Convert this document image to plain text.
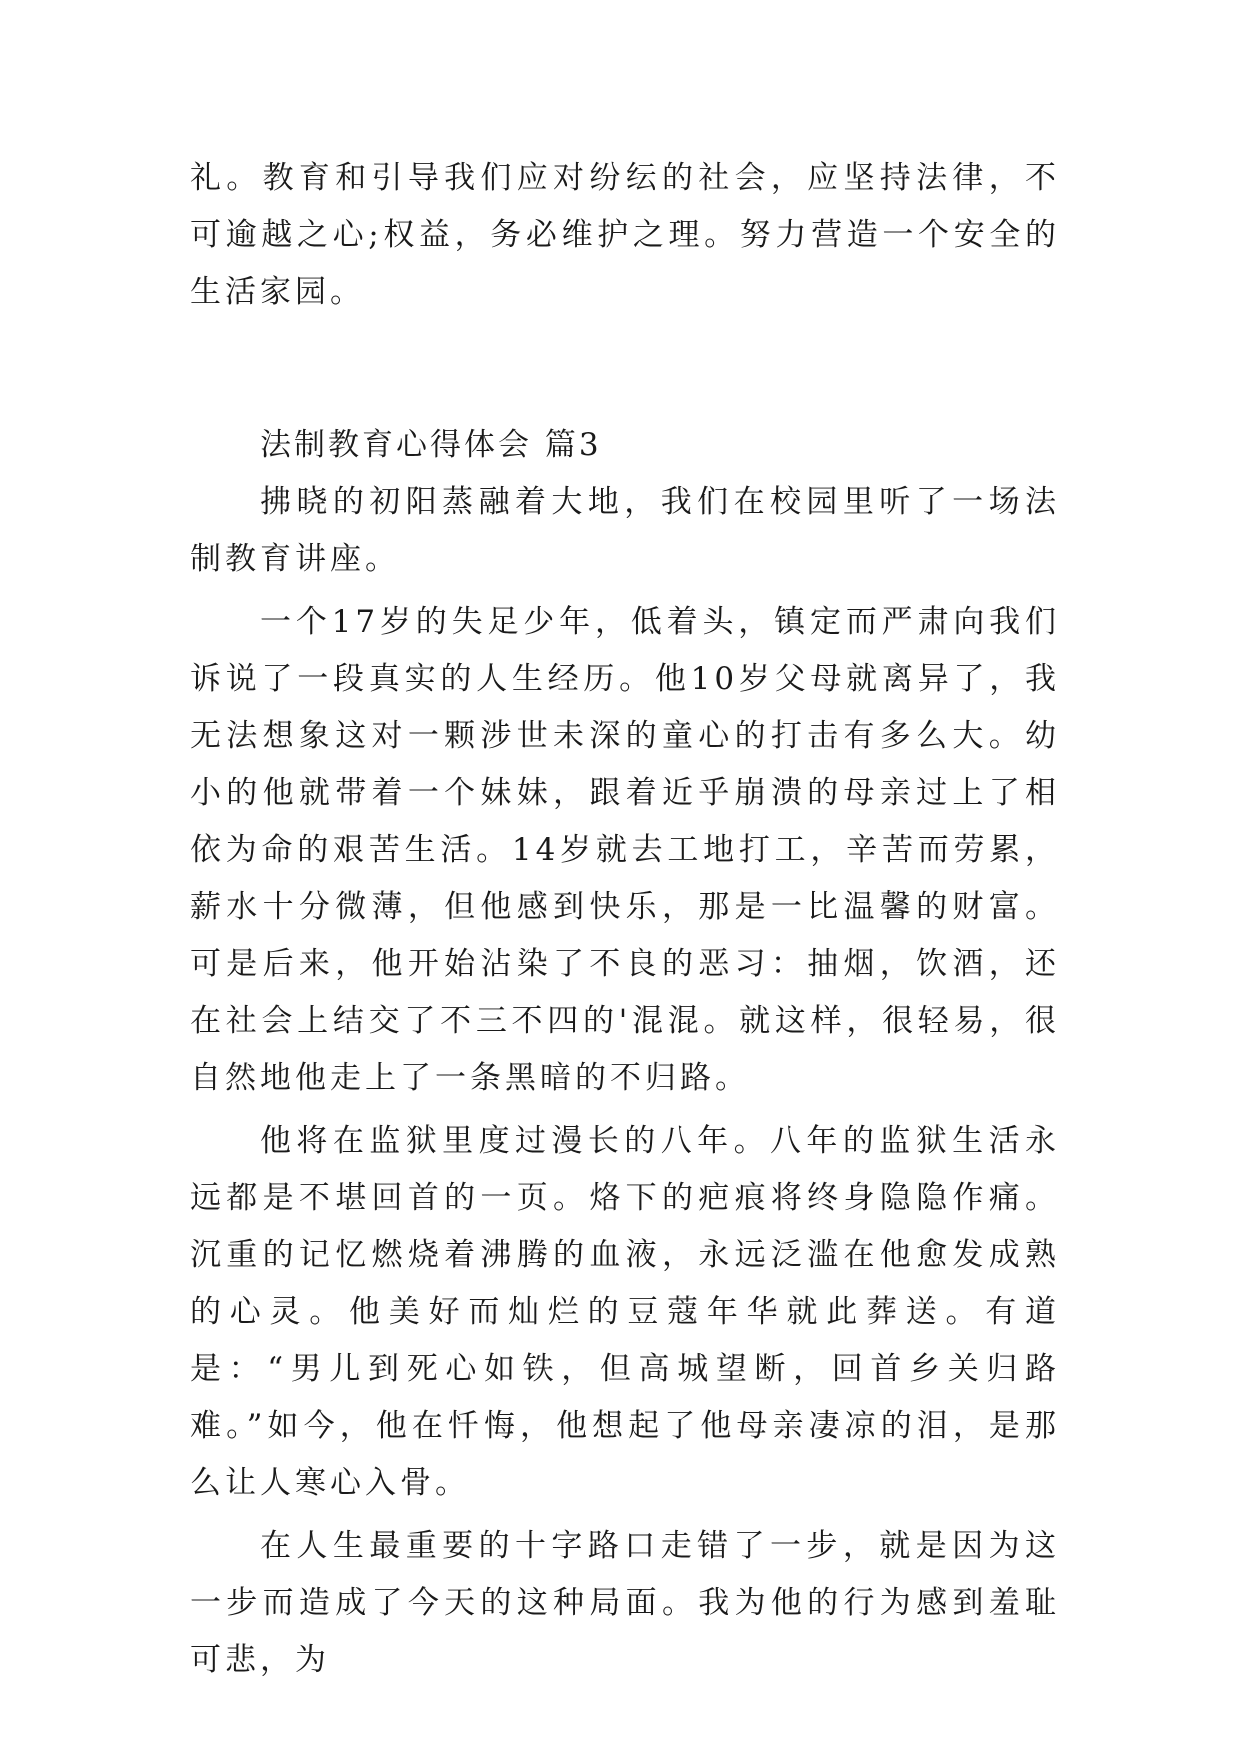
礼。教育和引导我们应对纷纭的社会，应坚持法律，不可逾越之心;权益，务必维护之理。努力营造一个安全的生活家园。

法制教育心得体会 篇3

拂晓的初阳蒸融着大地，我们在校园里听了一场法制教育讲座。

一个17岁的失足少年，低着头，镇定而严肃向我们诉说了一段真实的人生经历。他10岁父母就离异了，我无法想象这对一颗涉世未深的童心的打击有多么大。幼小的他就带着一个妹妹，跟着近乎崩溃的母亲过上了相依为命的艰苦生活。14岁就去工地打工，辛苦而劳累，薪水十分微薄，但他感到快乐，那是一比温馨的财富。可是后来，他开始沾染了不良的恶习：抽烟，饮酒，还在社会上结交了不三不四的'混混。就这样，很轻易，很自然地他走上了一条黑暗的不归路。

他将在监狱里度过漫长的八年。八年的监狱生活永远都是不堪回首的一页。烙下的疤痕将终身隐隐作痛。沉重的记忆燃烧着沸腾的血液，永远泛滥在他愈发成熟的心灵。他美好而灿烂的豆蔻年华就此葬送。有道是：“男儿到死心如铁，但高城望断，回首乡关归路难。”如今，他在忏悔，他想起了他母亲凄凉的泪，是那么让人寒心入骨。

在人生最重要的十字路口走错了一步，就是因为这一步而造成了今天的这种局面。我为他的行为感到羞耻可悲，为
